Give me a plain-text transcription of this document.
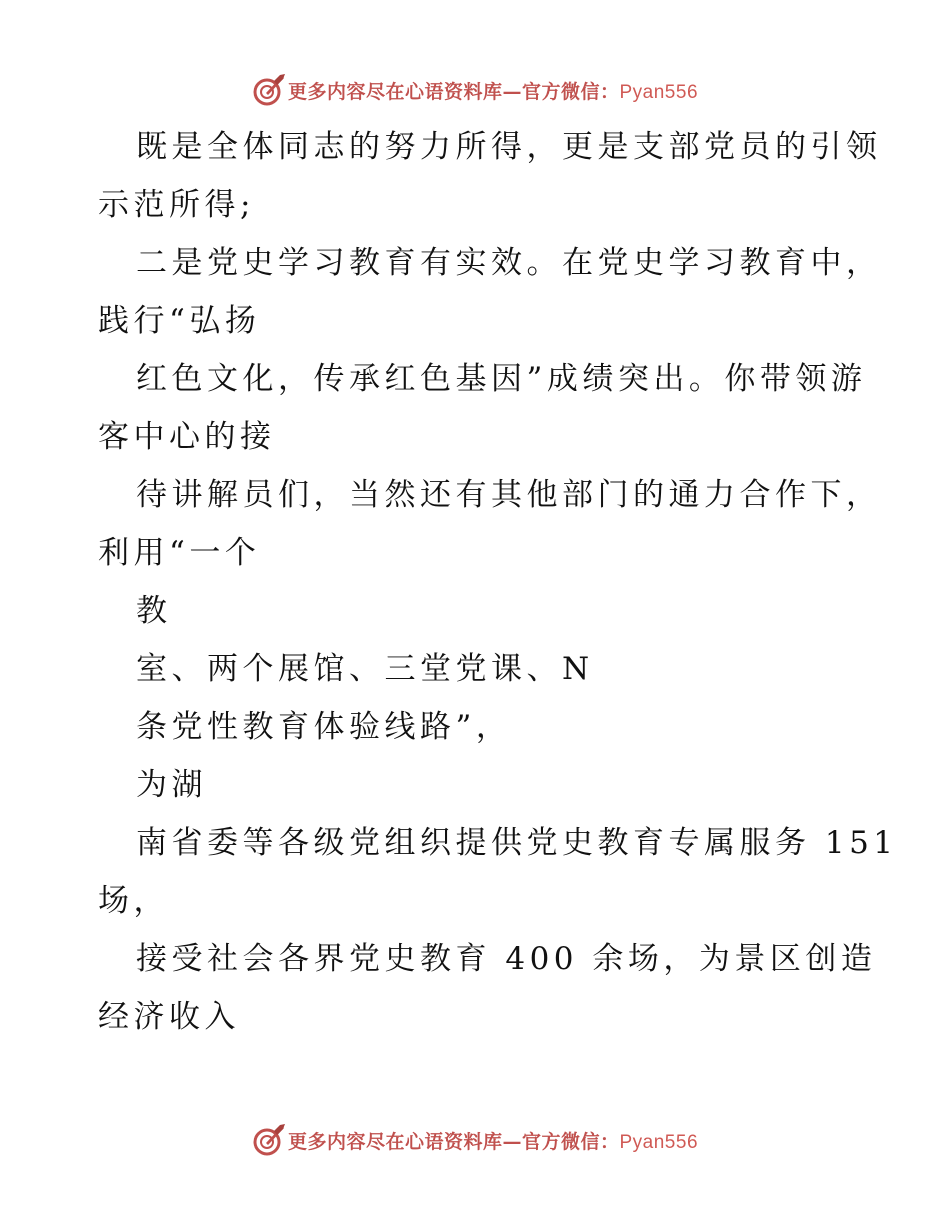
更多内容尽在心语资料库—官方微信：Pyan556
既是全体同志的努力所得，更是支部党员的引领
示范所得;
二是党史学习教育有实效。在党史学习教育中，
践行“弘扬
红色文化，传承红色基因”成绩突出。你带领游
客中心的接
待讲解员们，当然还有其他部门的通力合作下，
利用“一个
教
室、两个展馆、三堂党课、N
条党性教育体验线路”，
为湖
南省委等各级党组织提供党史教育专属服务 151
场，
接受社会各界党史教育 400 余场，为景区创造
经济收入
更多内容尽在心语资料库—官方微信：Pyan556
